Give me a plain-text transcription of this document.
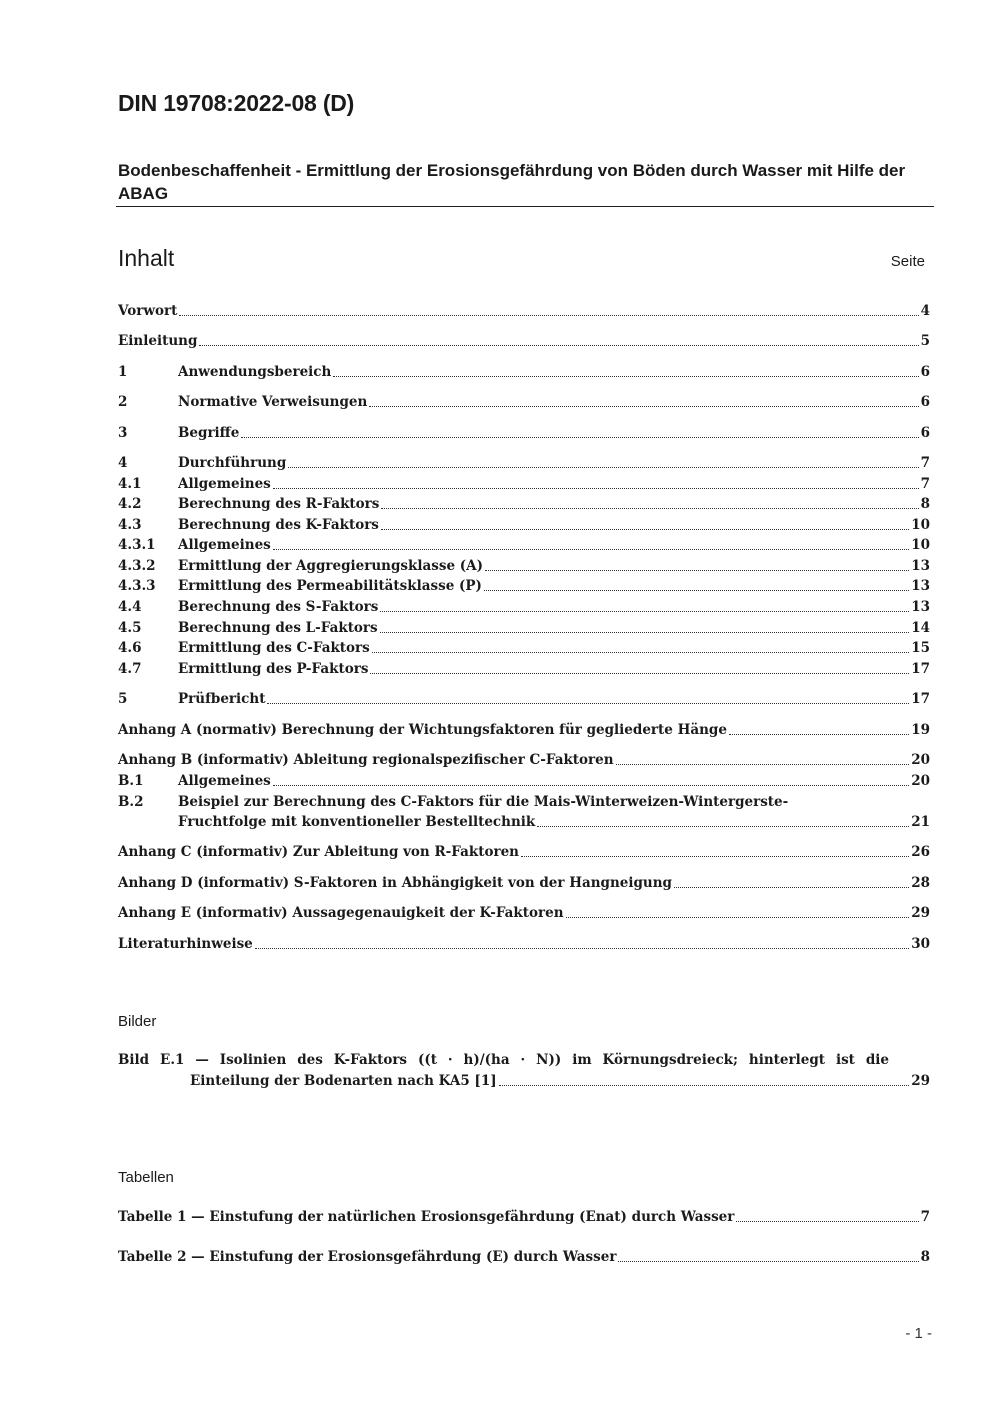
DIN 19708:2022-08 (D)
Bodenbeschaffenheit - Ermittlung der Erosionsgefährdung von Böden durch Wasser mit Hilfe der ABAG
Inhalt	Seite
Vorwort	4
Einleitung	5
1	Anwendungsbereich	6
2	Normative Verweisungen	6
3	Begriffe	6
4	Durchführung	7
4.1	Allgemeines	7
4.2	Berechnung des R-Faktors	8
4.3	Berechnung des K-Faktors	10
4.3.1	Allgemeines	10
4.3.2	Ermittlung der Aggregierungsklasse (A)	13
4.3.3	Ermittlung des Permeabilitätsklasse (P)	13
4.4	Berechnung des S-Faktors	13
4.5	Berechnung des L-Faktors	14
4.6	Ermittlung des C-Faktors	15
4.7	Ermittlung des P-Faktors	17
5	Prüfbericht	17
Anhang A (normativ) Berechnung der Wichtungsfaktoren für gegliederte Hänge	19
Anhang B (informativ) Ableitung regionalspezifischer C-Faktoren	20
B.1	Allgemeines	20
B.2	Beispiel zur Berechnung des C-Faktors für die Mais-Winterweizen-Wintergerste-
Fruchtfolge mit konventioneller Bestelltechnik	21
Anhang C (informativ) Zur Ableitung von R-Faktoren	26
Anhang D (informativ) S-Faktoren in Abhängigkeit von der Hangneigung	28
Anhang E (informativ) Aussagegenauigkeit der K-Faktoren	29
Literaturhinweise	30
Bilder
Bild E.1 — Isolinien des K-Faktors ((t · h)/(ha · N)) im Körnungsdreieck; hinterlegt ist die
Einteilung der Bodenarten nach KA5 [1]	29
Tabellen
Tabelle 1 — Einstufung der natürlichen Erosionsgefährdung (Enat) durch Wasser	7
Tabelle 2 — Einstufung der Erosionsgefährdung (E) durch Wasser	8
- 1 -
